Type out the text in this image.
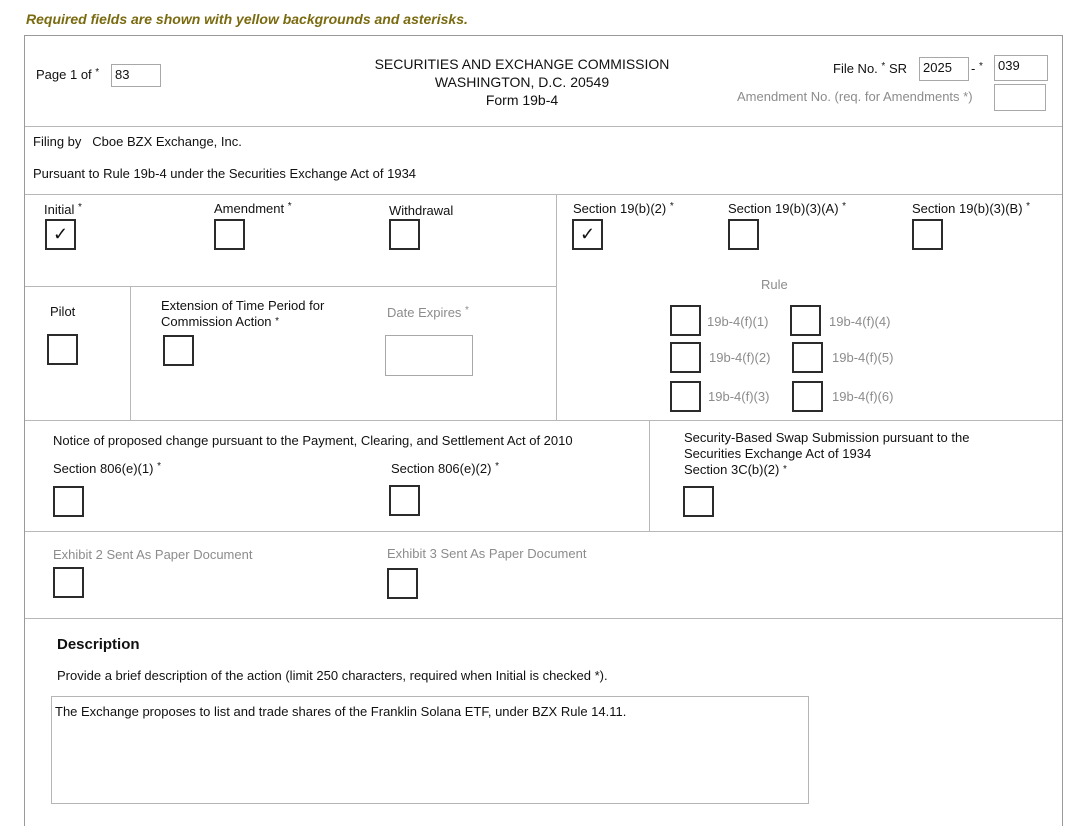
Required fields are shown with yellow backgrounds and asterisks.
Page 1 of *	83
SECURITIES AND EXCHANGE COMMISSION
WASHINGTON, D.C. 20549
Form 19b-4
File No. * SR	2025	- *	039
Amendment No. (req. for Amendments *)
Filing by Cboe BZX Exchange, Inc.
Pursuant to Rule 19b-4 under the Securities Exchange Act of 1934
Initial *
✓
Amendment *	Withdrawal	Section 19(b)(2) *
✓
Section 19(b)(3)(A) *	Section 19(b)(3)(B) *
Pilot	Extension of Time Period for
Commission Action *
Date Expires *
Rule
19b-4(f)(1)	19b-4(f)(4)
19b-4(f)(2)	19b-4(f)(5)
19b-4(f)(3)	19b-4(f)(6)
Notice of proposed change pursuant to the Payment, Clearing, and Settlement Act of 2010
Section 806(e)(1) *	Section 806(e)(2) *
Security-Based Swap Submission pursuant to the
Securities Exchange Act of 1934
Section 3C(b)(2) *
Exhibit 2 Sent As Paper Document	Exhibit 3 Sent As Paper Document
Description
Provide a brief description of the action (limit 250 characters, required when Initial is checked *).
The Exchange proposes to list and trade shares of the Franklin Solana ETF, under BZX Rule 14.11.
